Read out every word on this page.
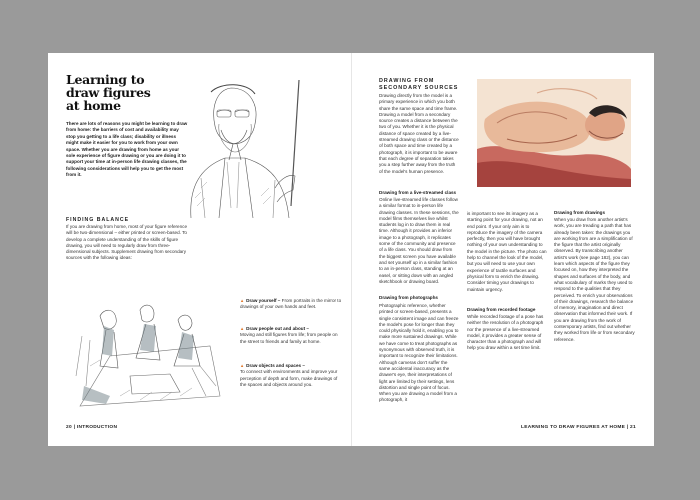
Learning to draw figures at home
There are lots of reasons you might be learning to draw from home: the barriers of cost and availability may stop you getting to a life class; disability or illness might make it easier for you to work from your own space. Whether you are drawing from home as your sole experience of figure drawing or you are doing it to support your time at in-person life drawing classes, the following considerations will help you to get the most from it.
FINDING BALANCE
If you are drawing from home, most of your figure reference will be two-dimensional – either printed or screen-based. To develop a complete understanding of the skills of figure drawing, you will need to regularly draw from three-dimensional subjects. Supplement drawing from secondary sources with the following ideas:
▲ Draw yourself – From portraits in the mirror to drawings of your own hands and feet.
▲ Draw people out and about –
Moving and still figures from life; from people on the street to friends and family at home.
▲ Draw objects and spaces –
To connect with environments and improve your perception of depth and form, make drawings of the spaces and objects around you.
20 | INTRODUCTION
DRAWING FROM SECONDARY SOURCES
Drawing directly from the model is a primary experience in which you both share the same space and time frame. Drawing a model from a secondary source creates a distance between the two of you. Whether it is the physical distance of space created by a live-streamed drawing class or the distance of both space and time created by a photograph, it is important to be aware that each degree of separation takes you a step further away from the truth of the model's human presence.
Drawing from a live-streamed class
Online live-streamed life classes follow a similar format to in-person life drawing classes. In these sessions, the model films themselves live whilst students log in to draw them in real time. Although it provides an inferior image to a photograph, it replicates some of the community and presence of a life class. You should draw from the biggest screen you have available and set yourself up in a similar fashion to an in-person class, standing at an easel, or sitting down with an angled sketchbook or drawing board.
Drawing from photographs
Photographic reference, whether printed or screen-based, presents a single consistent image and can freeze the model's pose for longer than they could physically hold it, enabling you to make more sustained drawings. While we have come to treat photographs as synonymous with observed truth, it is important to recognize their limitations. Although cameras don't suffer the same accidental inaccuracy as the drawer's eye, their interpretations of light are limited by their settings, lens distortion and single point of focus. When you are drawing a model from a photograph, it
is important to see its imagery as a starting point for your drawing, not an end point. If your only aim is to reproduce the imagery of the camera perfectly, then you will have brought nothing of your own understanding to the model in the picture. The photo can help to channel the look of the model, but you will need to use your own experience of tactile surfaces and physical form to enrich the drawing. Consider timing your drawings to maintain urgency.
Drawing from recorded footage
While recorded footage of a pose has neither the resolution of a photograph nor the presence of a live-streamed model, it provides a greater sense of character than a photograph and will help you draw within a set time limit.
Drawing from drawings
When you draw from another artist's work, you are treading a path that has already been taken: the drawings you are working from are a simplification of the figure that the artist originally observed. By transcribing another artist's work (see page 182), you can learn which aspects of the figure they focused on, how they interpreted the shapes and surfaces of the body, and what vocabulary of marks they used to respond to the qualities that they perceived. To enrich your observations of their drawings, research the balance of memory, imagination and direct observation that informed their work. If you are drawing from the work of contemporary artists, find out whether they worked from life or from secondary reference.
LEARNING TO DRAW FIGURES AT HOME | 21
